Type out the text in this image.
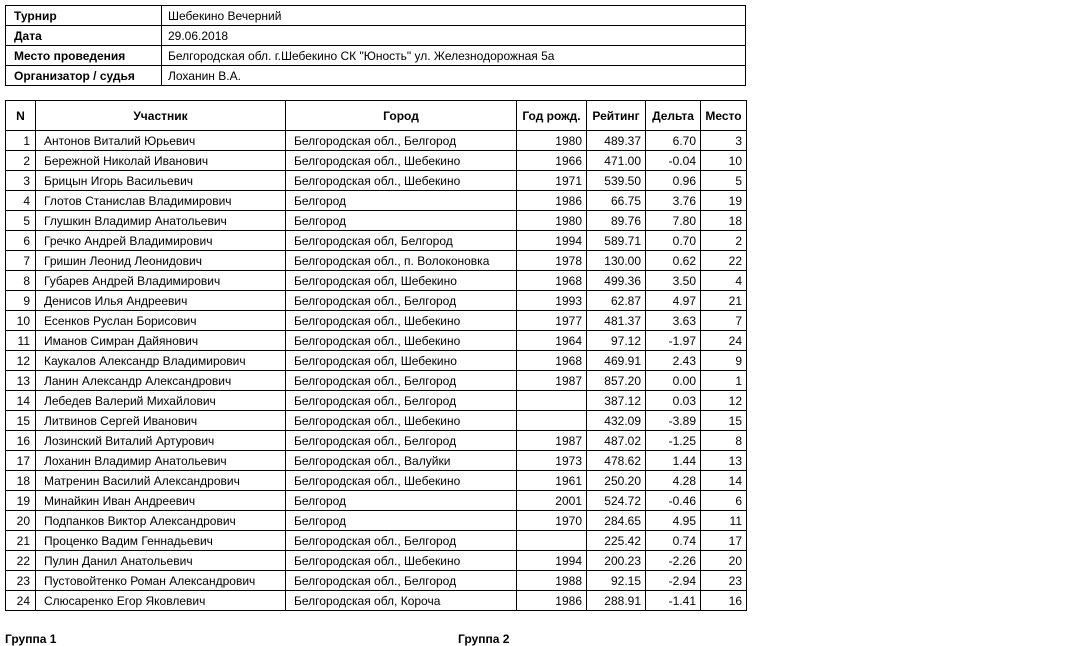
Турнир	Шебекино Вечерний
Дата	29.06.2018
Место проведения	Белгородская обл. г.Шебекино СК "Юность" ул. Железнодорожная 5а
Организатор / судья	Лоханин В.А.
N	Участник	Город	Год рожд.	Рейтинг	Дельта	Место
1	Антонов Виталий Юрьевич	Белгородская обл., Белгород	1980	489.37	6.70	3
2	Бережной Николай Иванович	Белгородская обл., Шебекино	1966	471.00	-0.04	10
3	Брицын Игорь Васильевич	Белгородская обл., Шебекино	1971	539.50	0.96	5
4	Глотов Станислав Владимирович	Белгород	1986	66.75	3.76	19
5	Глушкин Владимир Анатольевич	Белгород	1980	89.76	7.80	18
6	Гречко Андрей Владимирович	Белгородская обл, Белгород	1994	589.71	0.70	2
7	Гришин Леонид Леонидович	Белгородская обл., п. Волоконовка	1978	130.00	0.62	22
8	Губарев Андрей Владимирович	Белгородская обл, Шебекино	1968	499.36	3.50	4
9	Денисов Илья Андреевич	Белгородская обл., Белгород	1993	62.87	4.97	21
10	Есенков Руслан Борисович	Белгородская обл., Шебекино	1977	481.37	3.63	7
11	Иманов Симран Дайянович	Белгородская обл., Шебекино	1964	97.12	-1.97	24
12	Каукалов Александр Владимирович	Белгородская обл, Шебекино	1968	469.91	2.43	9
13	Ланин Александр Александрович	Белгородская обл., Белгород	1987	857.20	0.00	1
14	Лебедев Валерий Михайлович	Белгородская обл., Белгород		387.12	0.03	12
15	Литвинов Сергей Иванович	Белгородская обл., Шебекино		432.09	-3.89	15
16	Лозинский Виталий Артурович	Белгородская обл., Белгород	1987	487.02	-1.25	8
17	Лоханин Владимир Анатольевич	Белгородская обл., Валуйки	1973	478.62	1.44	13
18	Матренин Василий Александрович	Белгородская обл., Шебекино	1961	250.20	4.28	14
19	Минайкин Иван Андреевич	Белгород	2001	524.72	-0.46	6
20	Подпанков Виктор Александрович	Белгород	1970	284.65	4.95	11
21	Проценко Вадим Геннадьевич	Белгородская обл., Белгород		225.42	0.74	17
22	Пулин Данил Анатольевич	Белгородская обл., Шебекино	1994	200.23	-2.26	20
23	Пустовойтенко Роман Александрович	Белгородская обл., Белгород	1988	92.15	-2.94	23
24	Слюсаренко Егор Яковлевич	Белгородская обл, Короча	1986	288.91	-1.41	16
Группа 1	Группа 2
